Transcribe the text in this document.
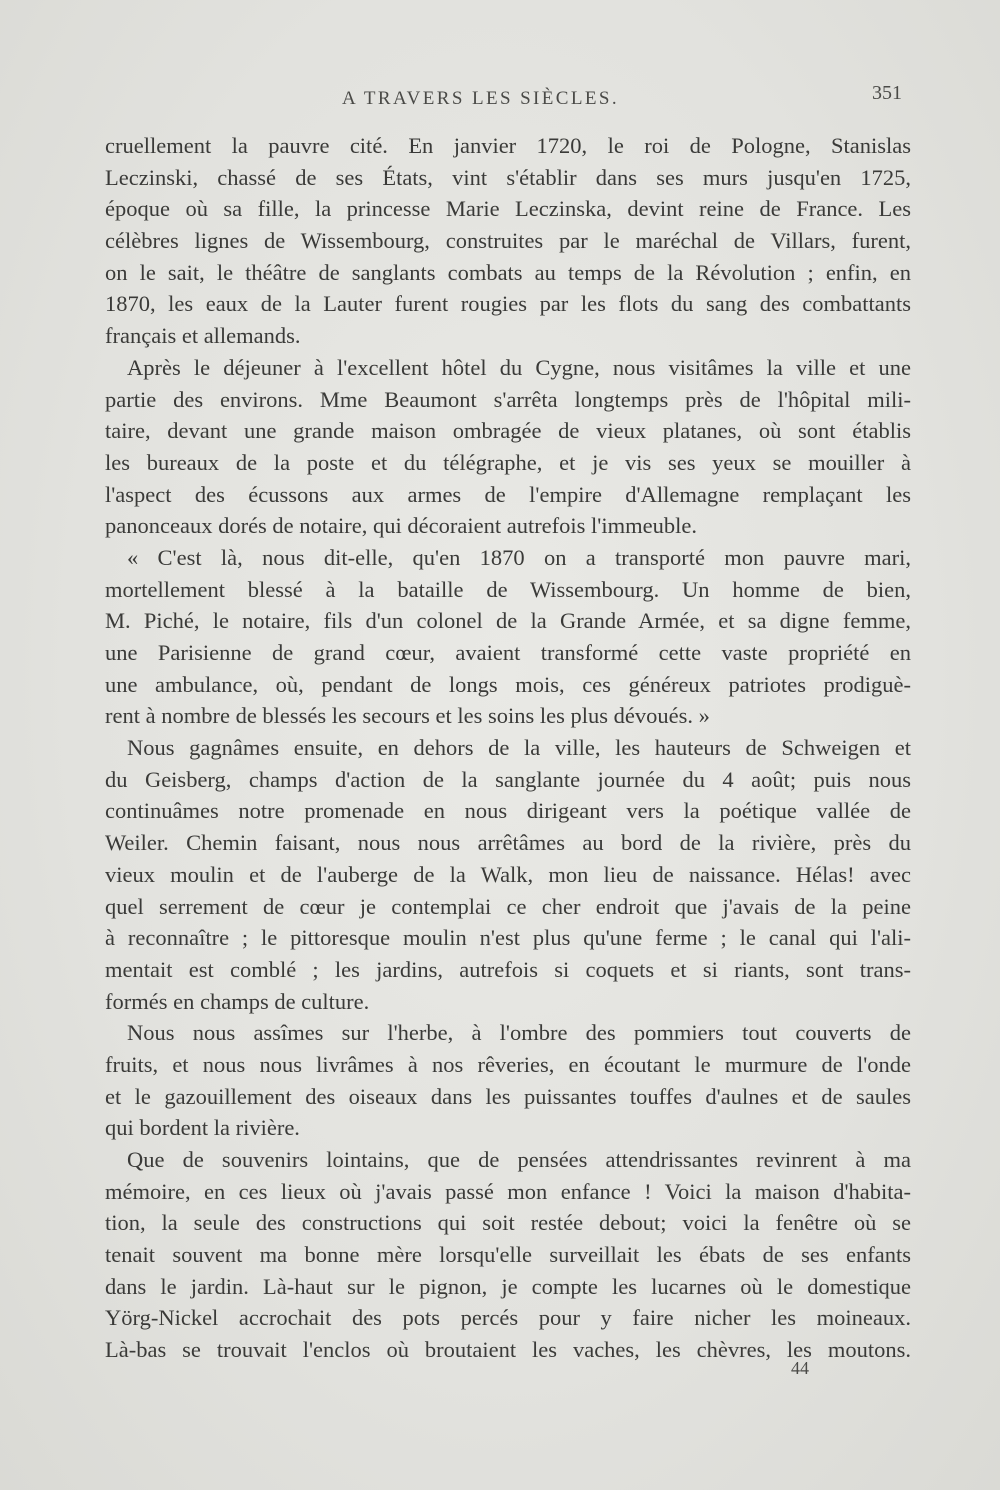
A TRAVERS LES SIÈCLES.	351
cruellement la pauvre cité. En janvier 1720, le roi de Pologne, Stanislas
Leczinski, chassé de ses États, vint s'établir dans ses murs jusqu'en 1725,
époque où sa fille, la princesse Marie Leczinska, devint reine de France. Les
célèbres lignes de Wissembourg, construites par le maréchal de Villars, furent,
on le sait, le théâtre de sanglants combats au temps de la Révolution ; enfin, en
1870, les eaux de la Lauter furent rougies par les flots du sang des combattants
français et allemands.
Après le déjeuner à l'excellent hôtel du Cygne, nous visitâmes la ville et une
partie des environs. Mme Beaumont s'arrêta longtemps près de l'hôpital mili-
taire, devant une grande maison ombragée de vieux platanes, où sont établis
les bureaux de la poste et du télégraphe, et je vis ses yeux se mouiller à
l'aspect des écussons aux armes de l'empire d'Allemagne remplaçant les
panonceaux dorés de notaire, qui décoraient autrefois l'immeuble.
« C'est là, nous dit-elle, qu'en 1870 on a transporté mon pauvre mari,
mortellement blessé à la bataille de Wissembourg. Un homme de bien,
M. Piché, le notaire, fils d'un colonel de la Grande Armée, et sa digne femme,
une Parisienne de grand cœur, avaient transformé cette vaste propriété en
une ambulance, où, pendant de longs mois, ces généreux patriotes prodiguè-
rent à nombre de blessés les secours et les soins les plus dévoués. »
Nous gagnâmes ensuite, en dehors de la ville, les hauteurs de Schweigen et
du Geisberg, champs d'action de la sanglante journée du 4 août; puis nous
continuâmes notre promenade en nous dirigeant vers la poétique vallée de
Weiler. Chemin faisant, nous nous arrêtâmes au bord de la rivière, près du
vieux moulin et de l'auberge de la Walk, mon lieu de naissance. Hélas! avec
quel serrement de cœur je contemplai ce cher endroit que j'avais de la peine
à reconnaître ; le pittoresque moulin n'est plus qu'une ferme ; le canal qui l'ali-
mentait est comblé ; les jardins, autrefois si coquets et si riants, sont trans-
formés en champs de culture.
Nous nous assîmes sur l'herbe, à l'ombre des pommiers tout couverts de
fruits, et nous nous livrâmes à nos rêveries, en écoutant le murmure de l'onde
et le gazouillement des oiseaux dans les puissantes touffes d'aulnes et de saules
qui bordent la rivière.
Que de souvenirs lointains, que de pensées attendrissantes revinrent à ma
mémoire, en ces lieux où j'avais passé mon enfance ! Voici la maison d'habita-
tion, la seule des constructions qui soit restée debout; voici la fenêtre où se
tenait souvent ma bonne mère lorsqu'elle surveillait les ébats de ses enfants
dans le jardin. Là-haut sur le pignon, je compte les lucarnes où le domestique
Yörg-Nickel accrochait des pots percés pour y faire nicher les moineaux.
Là-bas se trouvait l'enclos où broutaient les vaches, les chèvres, les moutons.
44
